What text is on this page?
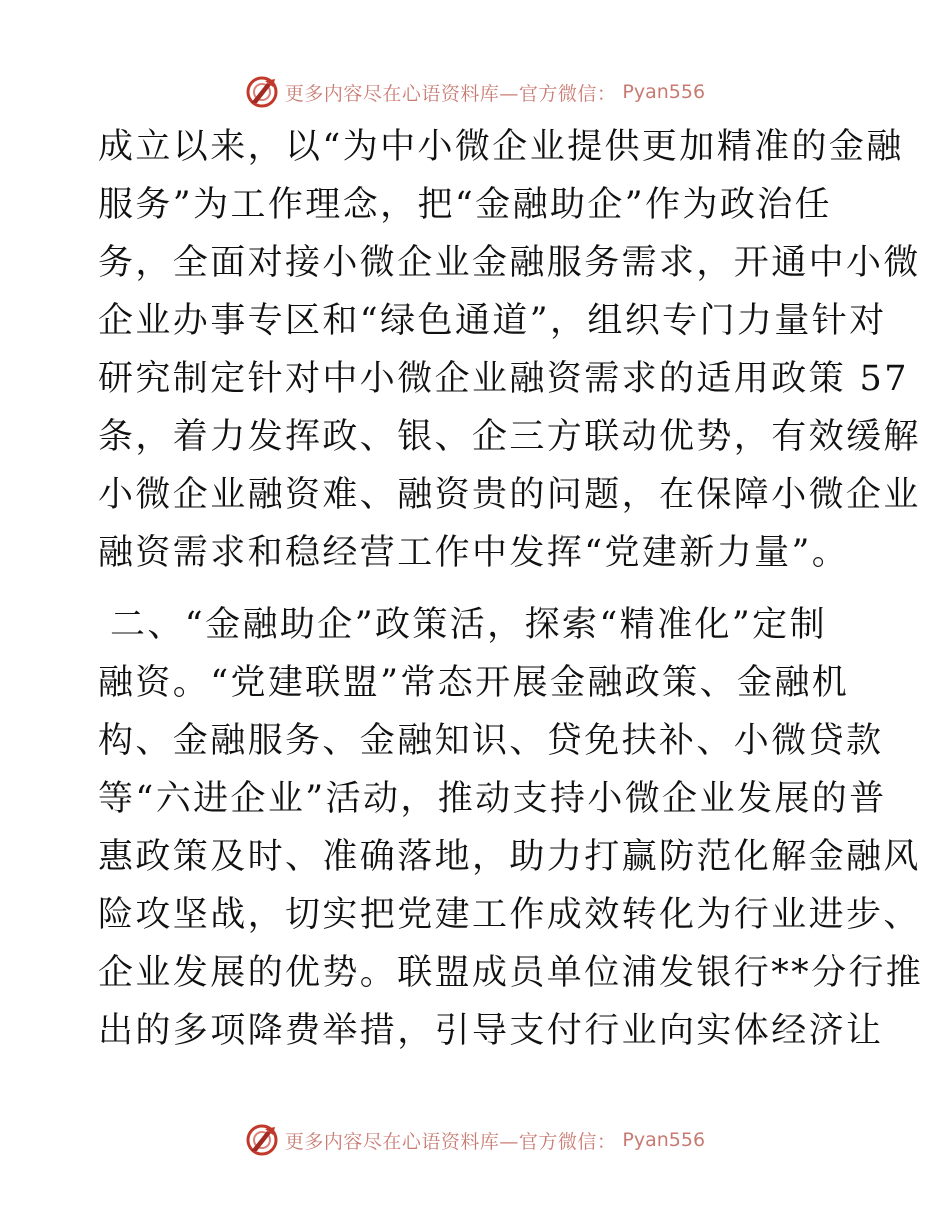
更多内容尽在心语资料库—官方微信： Pyan556
成立以来，以“为中小微企业提供更加精准的金融
服务”为工作理念，把“金融助企”作为政治任
务，全面对接小微企业金融服务需求，开通中小微
企业办事专区和“绿色通道”，组织专门力量针对
研究制定针对中小微企业融资需求的适用政策 57
条，着力发挥政、银、企三方联动优势，有效缓解
小微企业融资难、融资贵的问题，在保障小微企业
融资需求和稳经营工作中发挥“党建新力量”。
二、“金融助企”政策活，探索“精准化”定制
融资。“党建联盟”常态开展金融政策、金融机
构、金融服务、金融知识、贷免扶补、小微贷款
等“六进企业”活动，推动支持小微企业发展的普
惠政策及时、准确落地，助力打赢防范化解金融风
险攻坚战，切实把党建工作成效转化为行业进步、
企业发展的优势。联盟成员单位浦发银行**分行推
出的多项降费举措，引导支付行业向实体经济让
更多内容尽在心语资料库—官方微信： Pyan556
